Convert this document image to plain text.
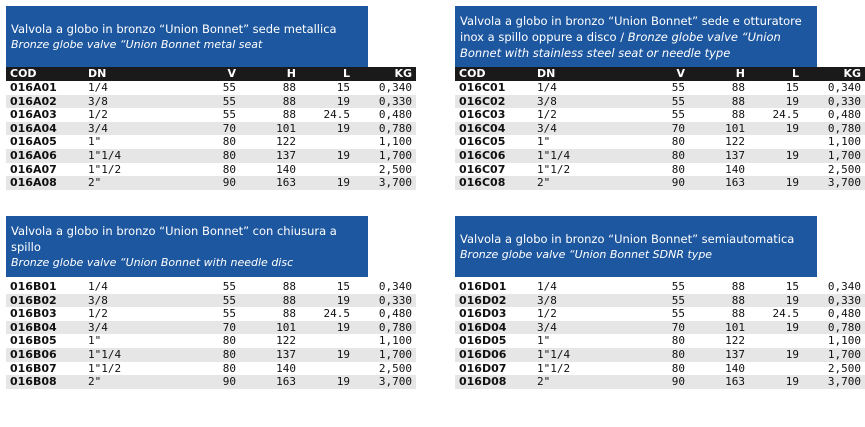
Valvola a globo in bronzo “Union Bonnet” sede metallica
Bronze globe valve “Union Bonnet metal seat
COD	DN	V	H	L	KG
016A01	1/4	55	88	15	0,340
016A02	3/8	55	88	19	0,330
016A03	1/2	55	88	24.5	0,480
016A04	3/4	70	101	19	0,780
016A05	1"	80	122		1,100
016A06	1"1/4	80	137	19	1,700
016A07	1"1/2	80	140		2,500
016A08	2"	90	163	19	3,700
Valvola a globo in bronzo “Union Bonnet” sede e otturatore inox a spillo oppure a disco / Bronze globe valve “Union Bonnet with stainless steel seat or needle type
COD	DN	V	H	L	KG
016C01	1/4	55	88	15	0,340
016C02	3/8	55	88	19	0,330
016C03	1/2	55	88	24.5	0,480
016C04	3/4	70	101	19	0,780
016C05	1"	80	122		1,100
016C06	1"1/4	80	137	19	1,700
016C07	1"1/2	80	140		2,500
016C08	2"	90	163	19	3,700
Valvola a globo in bronzo “Union Bonnet” con chiusura a spillo
Bronze globe valve “Union Bonnet with needle disc
016B01	1/4	55	88	15	0,340
016B02	3/8	55	88	19	0,330
016B03	1/2	55	88	24.5	0,480
016B04	3/4	70	101	19	0,780
016B05	1"	80	122		1,100
016B06	1"1/4	80	137	19	1,700
016B07	1"1/2	80	140		2,500
016B08	2"	90	163	19	3,700
Valvola a globo in bronzo “Union Bonnet” semiautomatica
Bronze globe valve “Union Bonnet SDNR type
016D01	1/4	55	88	15	0,340
016D02	3/8	55	88	19	0,330
016D03	1/2	55	88	24.5	0,480
016D04	3/4	70	101	19	0,780
016D05	1"	80	122		1,100
016D06	1"1/4	80	137	19	1,700
016D07	1"1/2	80	140		2,500
016D08	2"	90	163	19	3,700
